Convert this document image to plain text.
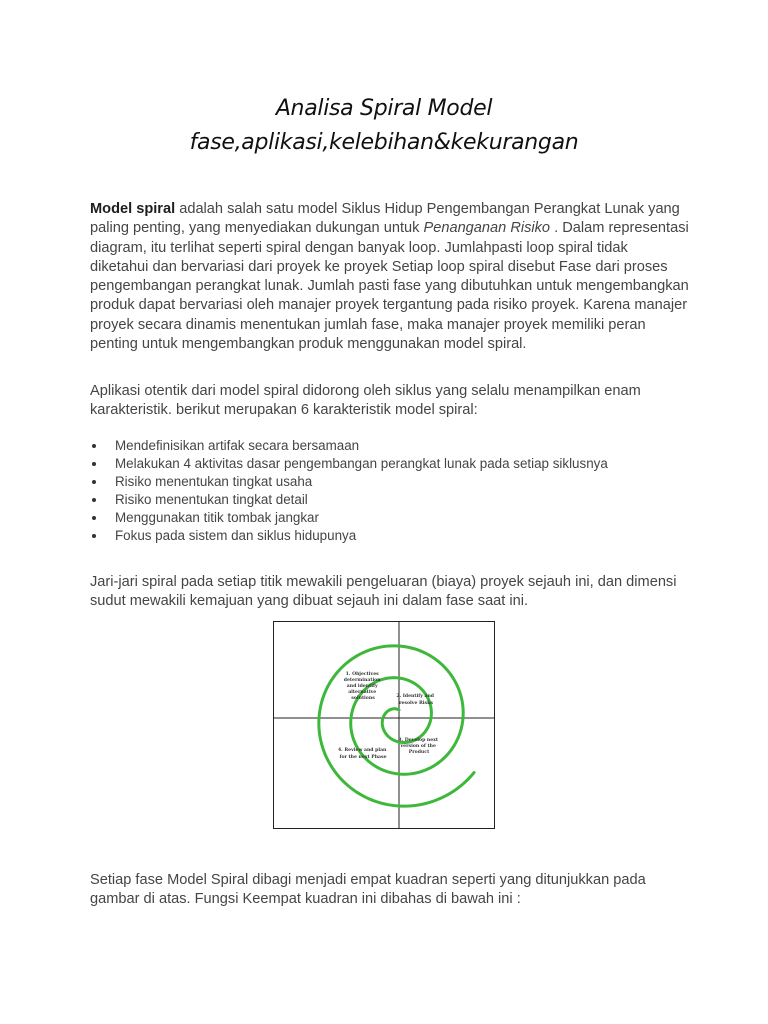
Analisa Spiral Model
fase,aplikasi,kelebihan&kekurangan

Model spiral adalah salah satu model Siklus Hidup Pengembangan Perangkat Lunak yang paling penting, yang menyediakan dukungan untuk Penanganan Risiko . Dalam representasi diagram, itu terlihat seperti spiral dengan banyak loop. Jumlahpasti loop spiral tidak diketahui dan bervariasi dari proyek ke proyek Setiap loop spiral disebut Fase dari proses pengembangan perangkat lunak. Jumlah pasti fase yang dibutuhkan untuk mengembangkan produk dapat bervariasi oleh manajer proyek tergantung pada risiko proyek. Karena manajer proyek secara dinamis menentukan jumlah fase, maka manajer proyek memiliki peran penting untuk mengembangkan produk menggunakan model spiral.

Aplikasi otentik dari model spiral didorong oleh siklus yang selalu menampilkan enam karakteristik. berikut merupakan 6 karakteristik model spiral:

Mendefinisikan artifak secara bersamaan
Melakukan 4 aktivitas dasar pengembangan perangkat lunak pada setiap siklusnya
Risiko menentukan tingkat usaha
Risiko menentukan tingkat detail
Menggunakan titik tombak jangkar
Fokus pada sistem dan siklus hidupunya

Jari-jari spiral pada setiap titik mewakili pengeluaran (biaya) proyek sejauh ini, dan dimensi sudut mewakili kemajuan yang dibuat sejauh ini dalam fase saat ini.

1. Objectives determination and identify alternative solutions	2. Identify and resolve Risks
3. Develop next version of the Product
4. Review and plan for the next Phase

Setiap fase Model Spiral dibagi menjadi empat kuadran seperti yang ditunjukkan pada gambar di atas. Fungsi Keempat kuadran ini dibahas di bawah ini :
